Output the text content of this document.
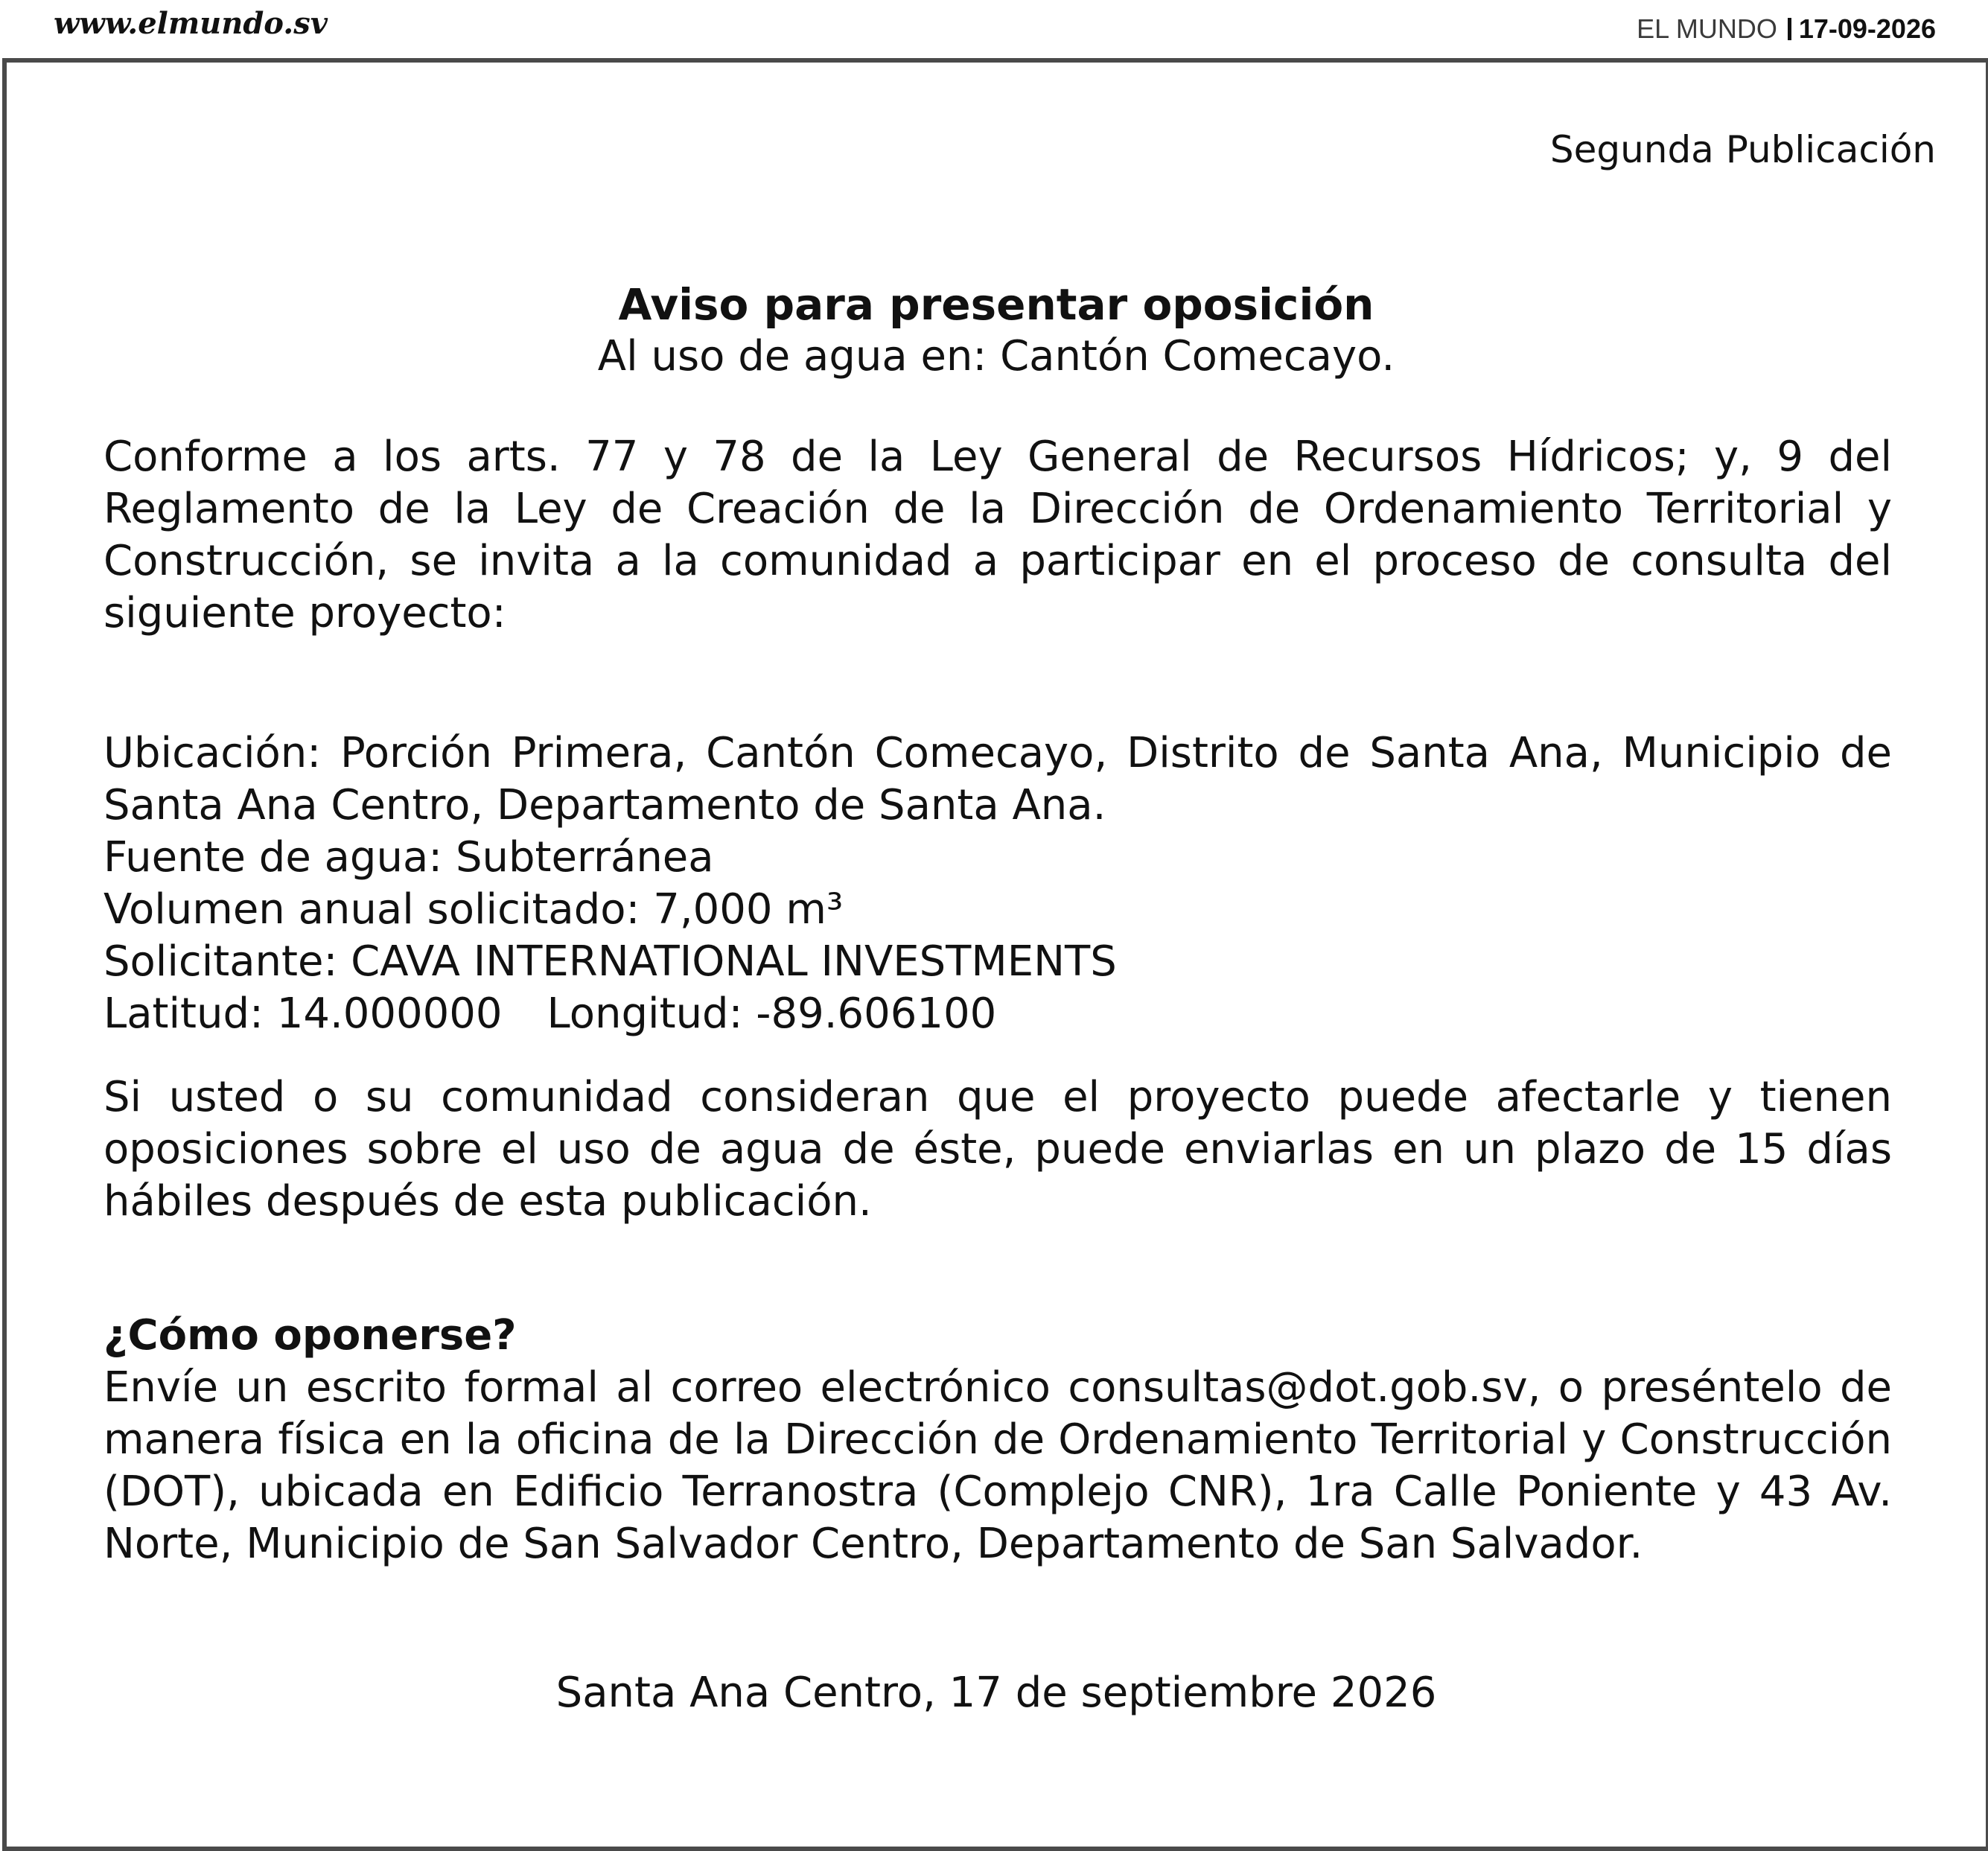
www.elmundo.sv	EL MUNDO 17-09-2026
Segunda Publicación
Aviso para presentar oposición
Al uso de agua en: Cantón Comecayo.
Conforme a los arts. 77 y 78 de la Ley General de Recursos Hídricos; y, 9 del Reglamento de la Ley de Creación de la Dirección de Ordenamiento Territorial y Construcción, se invita a la comunidad a participar en el proceso de consulta del siguiente proyecto:
Ubicación: Porción Primera, Cantón Comecayo, Distrito de Santa Ana, Municipio de Santa Ana Centro, Departamento de Santa Ana.
Fuente de agua: Subterránea
Volumen anual solicitado: 7,000 m³
Solicitante: CAVA INTERNATIONAL INVESTMENTS
Latitud: 14.000000 Longitud: -89.606100
Si usted o su comunidad consideran que el proyecto puede afectarle y tienen oposiciones sobre el uso de agua de éste, puede enviarlas en un plazo de 15 días hábiles después de esta publicación.
¿Cómo oponerse?
Envíe un escrito formal al correo electrónico consultas@dot.gob.sv, o preséntelo de manera física en la oficina de la Dirección de Ordenamiento Territorial y Construcción (DOT), ubicada en Edificio Terranostra (Complejo CNR), 1ra Calle Poniente y 43 Av. Norte, Municipio de San Salvador Centro, Departamento de San Salvador.
Santa Ana Centro, 17 de septiembre 2026
